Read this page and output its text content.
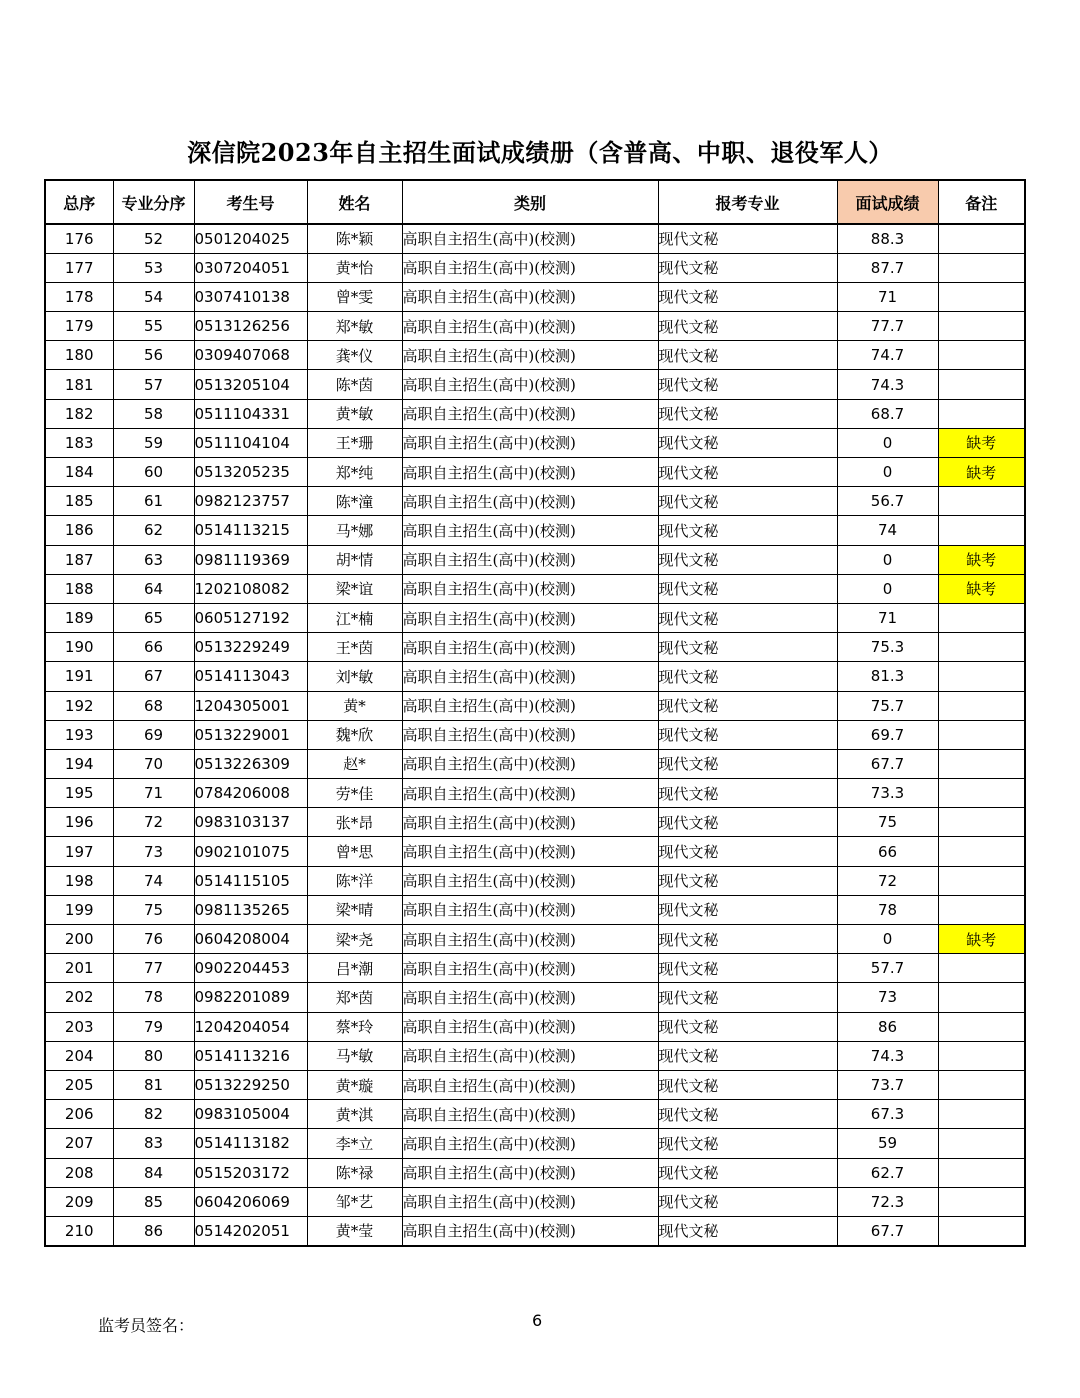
深信院2023年自主招生面试成绩册（含普高、中职、退役军人）
总序	专业分序	考生号	姓名	类别	报考专业	面试成绩	备注
176	52	0501204025	陈*颖	高职自主招生(高中)(校测)	现代文秘	88.3	
177	53	0307204051	黄*怡	高职自主招生(高中)(校测)	现代文秘	87.7	
178	54	0307410138	曾*雯	高职自主招生(高中)(校测)	现代文秘	71	
179	55	0513126256	郑*敏	高职自主招生(高中)(校测)	现代文秘	77.7	
180	56	0309407068	龚*仪	高职自主招生(高中)(校测)	现代文秘	74.7	
181	57	0513205104	陈*茵	高职自主招生(高中)(校测)	现代文秘	74.3	
182	58	0511104331	黄*敏	高职自主招生(高中)(校测)	现代文秘	68.7	
183	59	0511104104	王*珊	高职自主招生(高中)(校测)	现代文秘	0	缺考
184	60	0513205235	郑*纯	高职自主招生(高中)(校测)	现代文秘	0	缺考
185	61	0982123757	陈*潼	高职自主招生(高中)(校测)	现代文秘	56.7	
186	62	0514113215	马*娜	高职自主招生(高中)(校测)	现代文秘	74	
187	63	0981119369	胡*情	高职自主招生(高中)(校测)	现代文秘	0	缺考
188	64	1202108082	梁*谊	高职自主招生(高中)(校测)	现代文秘	0	缺考
189	65	0605127192	江*楠	高职自主招生(高中)(校测)	现代文秘	71	
190	66	0513229249	王*茵	高职自主招生(高中)(校测)	现代文秘	75.3	
191	67	0514113043	刘*敏	高职自主招生(高中)(校测)	现代文秘	81.3	
192	68	1204305001	黄*	高职自主招生(高中)(校测)	现代文秘	75.7	
193	69	0513229001	魏*欣	高职自主招生(高中)(校测)	现代文秘	69.7	
194	70	0513226309	赵*	高职自主招生(高中)(校测)	现代文秘	67.7	
195	71	0784206008	劳*佳	高职自主招生(高中)(校测)	现代文秘	73.3	
196	72	0983103137	张*昂	高职自主招生(高中)(校测)	现代文秘	75	
197	73	0902101075	曾*思	高职自主招生(高中)(校测)	现代文秘	66	
198	74	0514115105	陈*洋	高职自主招生(高中)(校测)	现代文秘	72	
199	75	0981135265	梁*晴	高职自主招生(高中)(校测)	现代文秘	78	
200	76	0604208004	梁*尧	高职自主招生(高中)(校测)	现代文秘	0	缺考
201	77	0902204453	吕*潮	高职自主招生(高中)(校测)	现代文秘	57.7	
202	78	0982201089	郑*茵	高职自主招生(高中)(校测)	现代文秘	73	
203	79	1204204054	蔡*玲	高职自主招生(高中)(校测)	现代文秘	86	
204	80	0514113216	马*敏	高职自主招生(高中)(校测)	现代文秘	74.3	
205	81	0513229250	黄*璇	高职自主招生(高中)(校测)	现代文秘	73.7	
206	82	0983105004	黄*淇	高职自主招生(高中)(校测)	现代文秘	67.3	
207	83	0514113182	李*立	高职自主招生(高中)(校测)	现代文秘	59	
208	84	0515203172	陈*禄	高职自主招生(高中)(校测)	现代文秘	62.7	
209	85	0604206069	邹*艺	高职自主招生(高中)(校测)	现代文秘	72.3	
210	86	0514202051	黄*莹	高职自主招生(高中)(校测)	现代文秘	67.7	
监考员签名：	6
